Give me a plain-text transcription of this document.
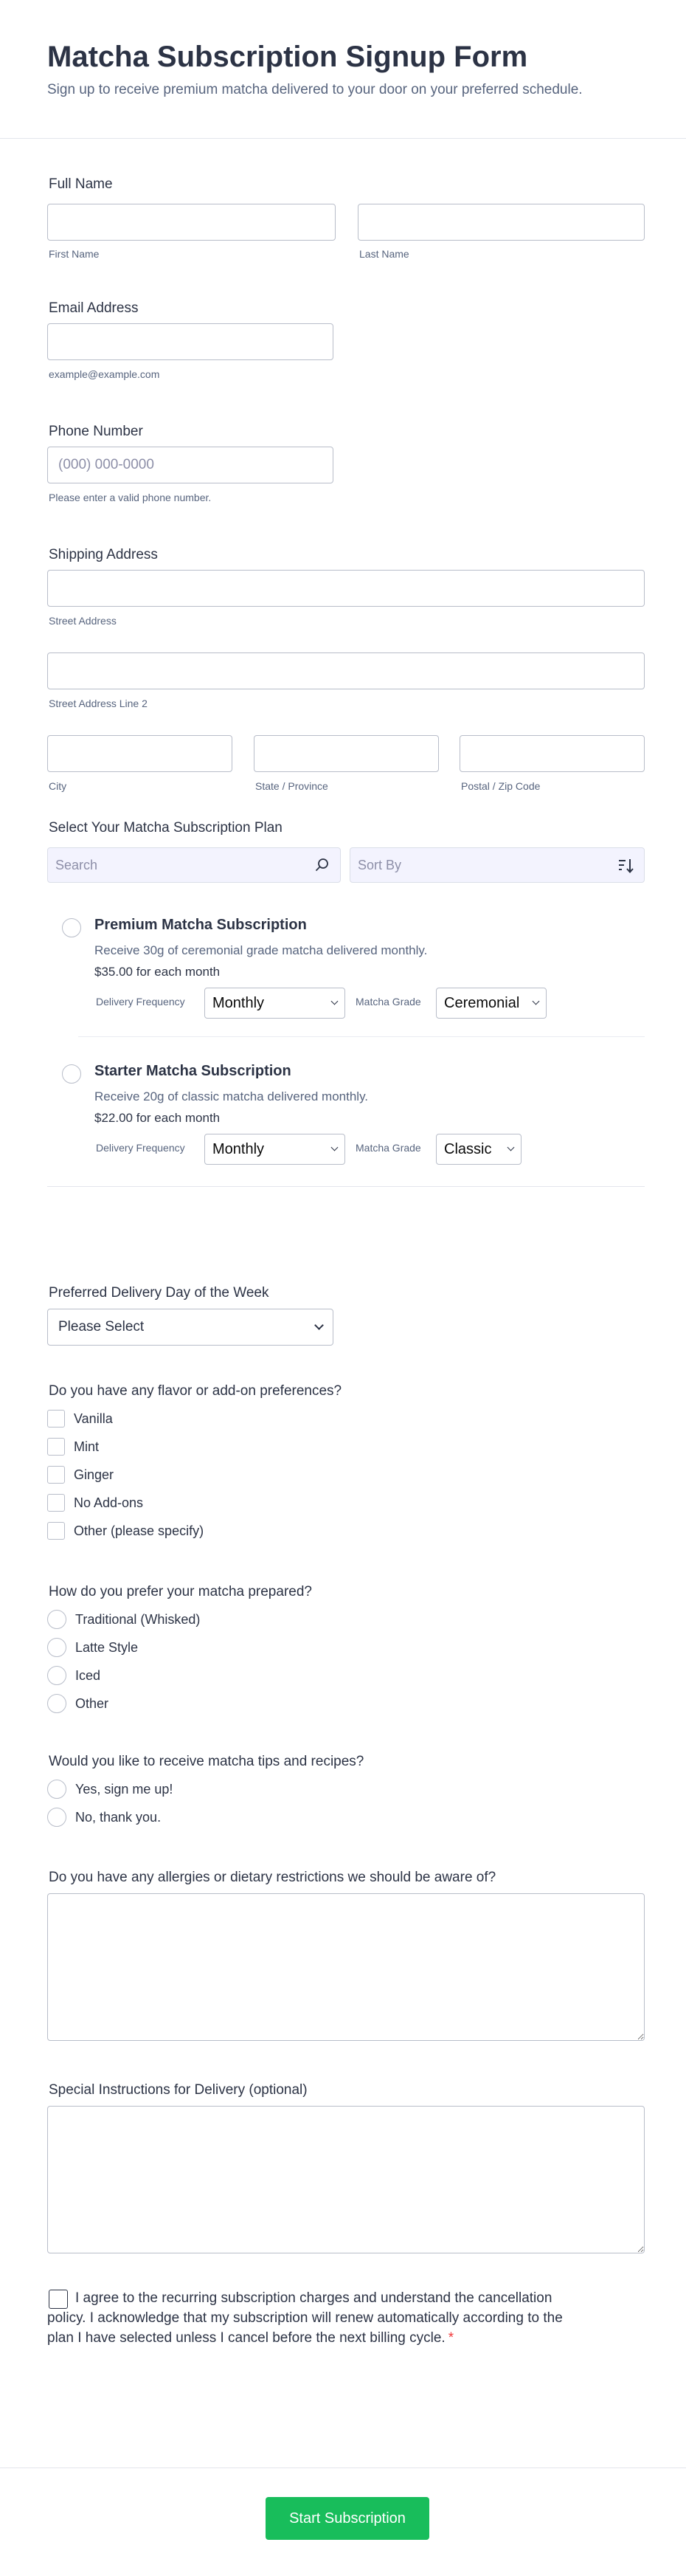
Matcha Subscription Signup Form

Sign up to receive premium matcha delivered to your door on your preferred schedule.

Full Name
First Name	Last Name
Email Address
example@example.com
Phone Number
(000) 000-0000
Please enter a valid phone number.
Shipping Address
Street Address
Street Address Line 2
City	State / Province	Postal / Zip Code
Select Your Matcha Subscription Plan
Search	Sort By
Premium Matcha Subscription
Receive 30g of ceremonial grade matcha delivered monthly.
$35.00 for each month
Delivery Frequency Monthly	Matcha Grade Ceremonial
Starter Matcha Subscription
Receive 20g of classic matcha delivered monthly.
$22.00 for each month
Delivery Frequency Monthly	Matcha Grade Classic
Preferred Delivery Day of the Week
Please Select
Do you have any flavor or add-on preferences?
Vanilla
Mint
Ginger
No Add-ons
Other (please specify)
How do you prefer your matcha prepared?
Traditional (Whisked)
Latte Style
Iced
Other
Would you like to receive matcha tips and recipes?
Yes, sign me up!
No, thank you.
Do you have any allergies or dietary restrictions we should be aware of?
Special Instructions for Delivery (optional)

I agree to the recurring subscription charges and understand the cancellation policy. I acknowledge that my subscription will renew automatically according to the plan I have selected unless I cancel before the next billing cycle. *

Start Subscription
